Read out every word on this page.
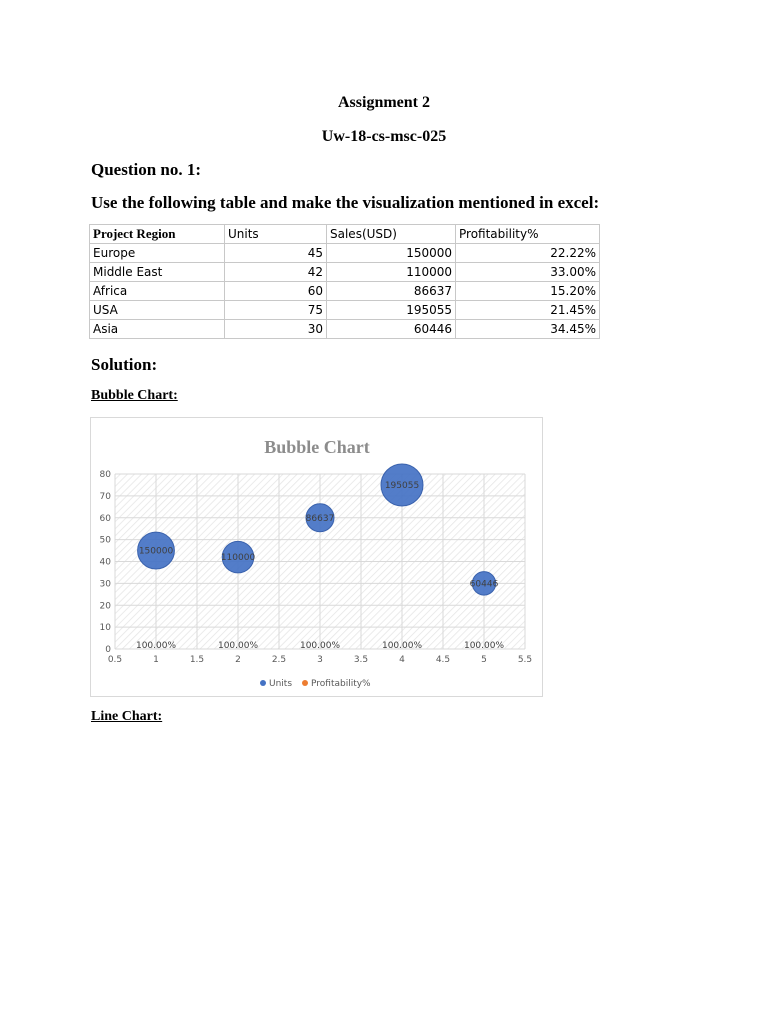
Assignment 2
Uw-18-cs-msc-025
Question no. 1:
Use the following table and make the visualization mentioned in excel:
Project Region	Units	Sales(USD)	Profitability%
Europe	45	150000	22.22%
Middle East	42	110000	33.00%
Africa	60	86637	15.20%
USA	75	195055	21.45%
Asia	30	60446	34.45%
Solution:
Bubble Chart:
Bubble Chart
0.5	1	1.5	2	2.5	3	3.5	4	4.5	5	5.5
0
10
20
30
40
50
60
70
80
150000
110000
86637
195055
60446
100.00%	100.00%	100.00%	100.00%	100.00%
Units Profitability%
Line Chart:
